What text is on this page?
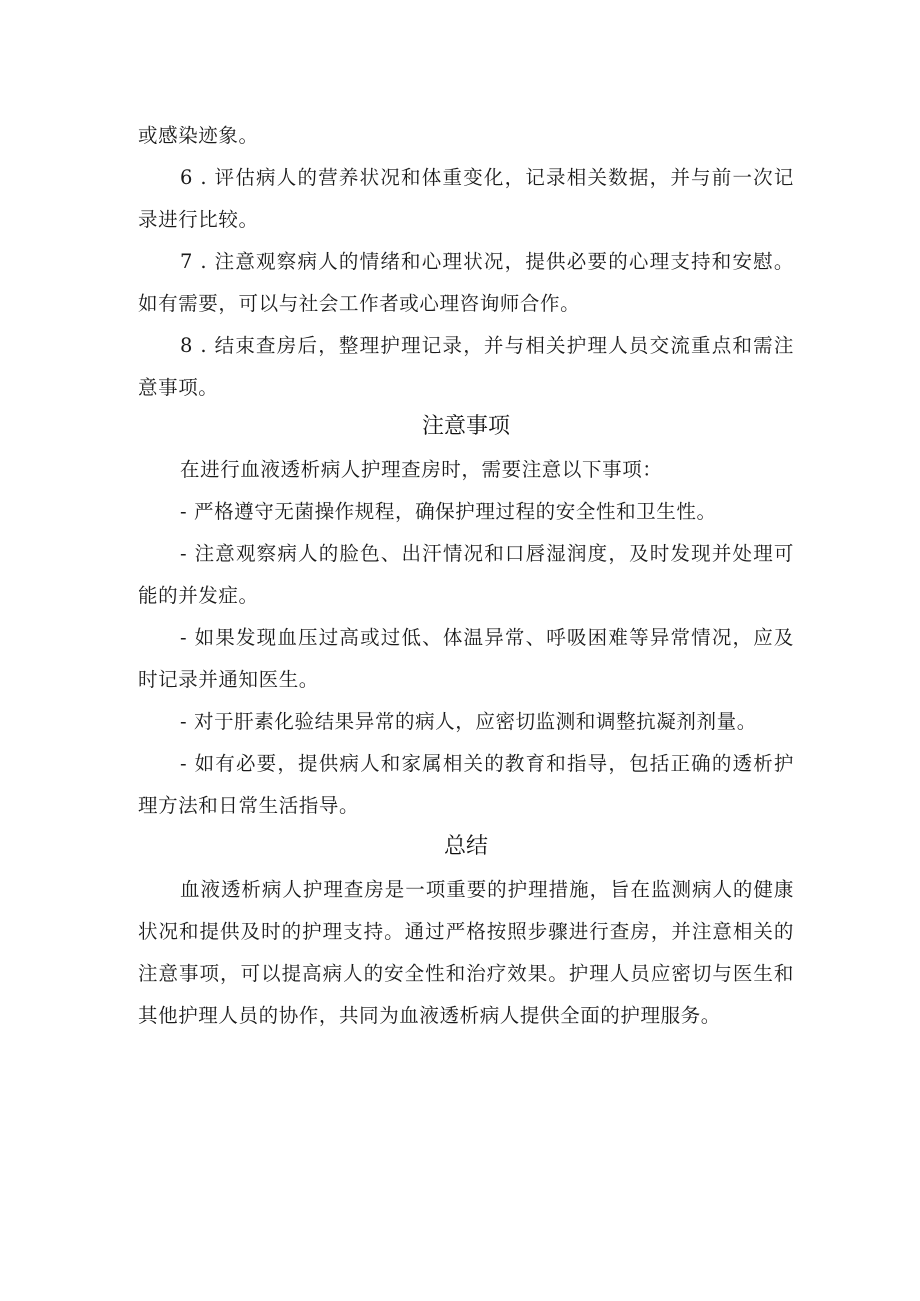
或感染迹象。

6 . 评估病人的营养状况和体重变化，记录相关数据，并与前一次记录进行比较。

7 . 注意观察病人的情绪和心理状况，提供必要的心理支持和安慰。如有需要，可以与社会工作者或心理咨询师合作。

8 . 结束查房后，整理护理记录，并与相关护理人员交流重点和需注意事项。

注意事项

在进行血液透析病人护理查房时，需要注意以下事项：

- 严格遵守无菌操作规程，确保护理过程的安全性和卫生性。

- 注意观察病人的脸色、出汗情况和口唇湿润度，及时发现并处理可能的并发症。

- 如果发现血压过高或过低、体温异常、呼吸困难等异常情况，应及时记录并通知医生。

- 对于肝素化验结果异常的病人，应密切监测和调整抗凝剂剂量。

- 如有必要，提供病人和家属相关的教育和指导，包括正确的透析护理方法和日常生活指导。

总结

血液透析病人护理查房是一项重要的护理措施，旨在监测病人的健康状况和提供及时的护理支持。通过严格按照步骤进行查房，并注意相关的注意事项，可以提高病人的安全性和治疗效果。护理人员应密切与医生和其他护理人员的协作，共同为血液透析病人提供全面的护理服务。
